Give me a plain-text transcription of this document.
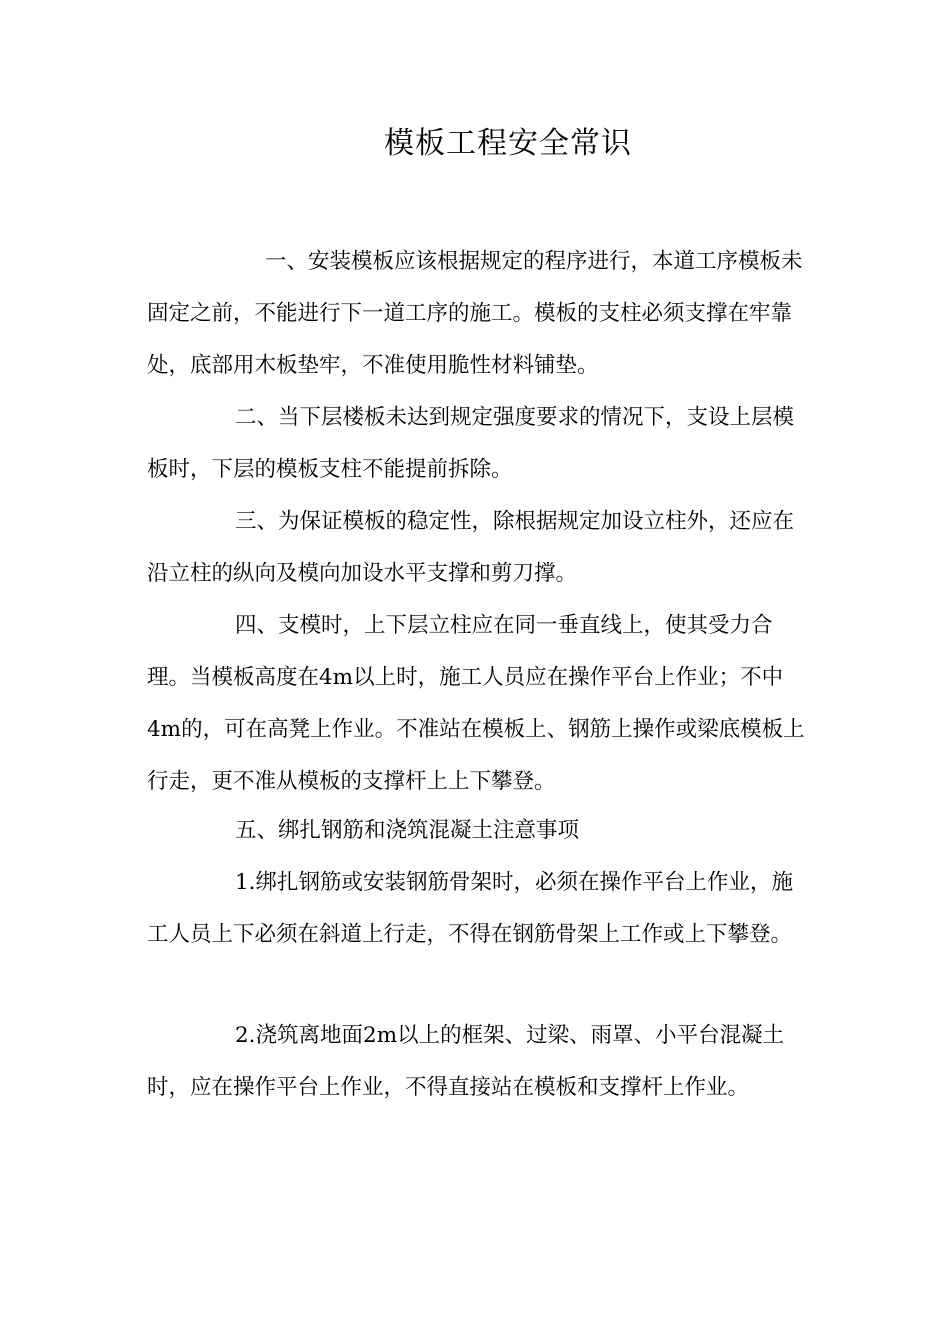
模板工程安全常识
一、安装模板应该根据规定的程序进行，本道工序模板未固定之前，不能进行下一道工序的施工。模板的支柱必须支撑在牢靠处，底部用木板垫牢，不准使用脆性材料铺垫。
二、当下层楼板未达到规定强度要求的情况下，支设上层模板时，下层的模板支柱不能提前拆除。
三、为保证模板的稳定性，除根据规定加设立柱外，还应在沿立柱的纵向及模向加设水平支撑和剪刀撑。
四、支模时，上下层立柱应在同一垂直线上，使其受力合理。当模板高度在4m以上时，施工人员应在操作平台上作业；不中4m的，可在高凳上作业。不准站在模板上、钢筋上操作或梁底模板上行走，更不准从模板的支撑杆上上下攀登。
五、绑扎钢筋和浇筑混凝土注意事项
1.绑扎钢筋或安装钢筋骨架时，必须在操作平台上作业，施工人员上下必须在斜道上行走，不得在钢筋骨架上工作或上下攀登。
2.浇筑离地面2m以上的框架、过梁、雨罩、小平台混凝土时，应在操作平台上作业，不得直接站在模板和支撑杆上作业。
